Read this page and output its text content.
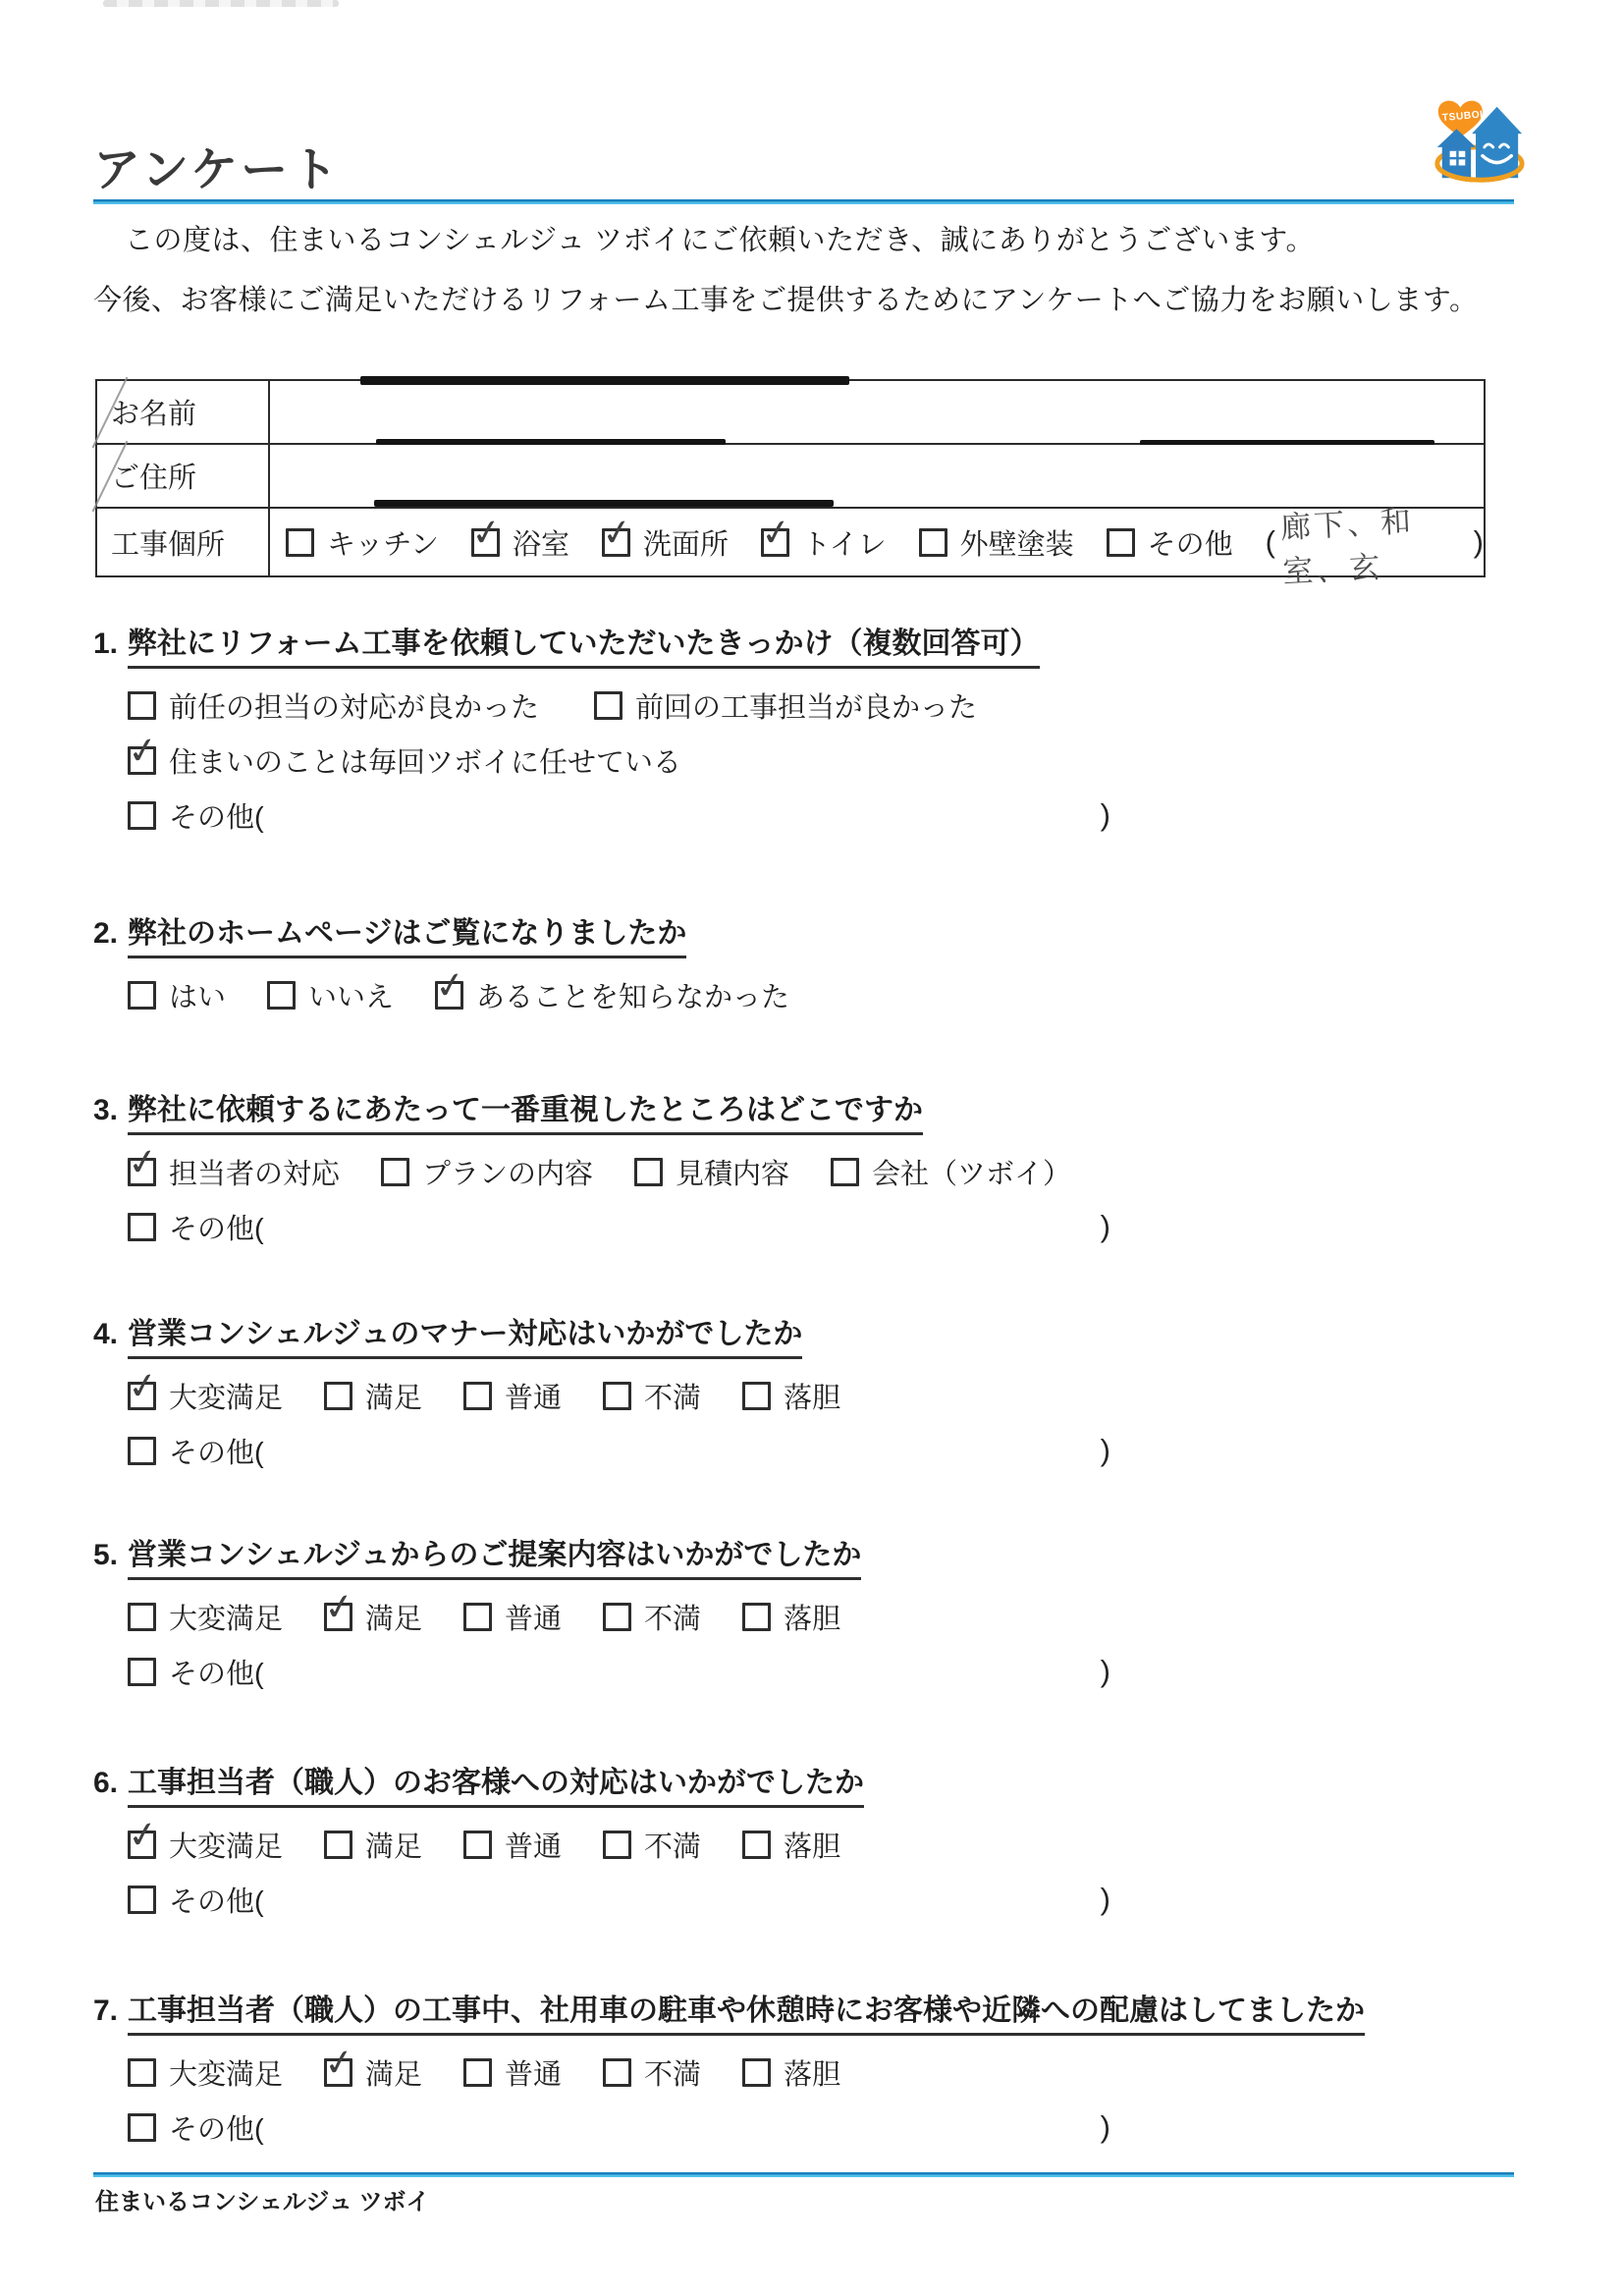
アンケート
TSUBOI

この度は、住まいるコンシェルジュ ツボイにご依頼いただき、誠にありがとうございます。

今後、お客様にご満足いただけるリフォーム工事をご提供するためにアンケートへご協力をお願いします。

お名前
ご住所
工事個所	キッチン ✓ 浴室 ✓ 洗面所 ✓ トイレ	外壁塗装	その他 ( 廊下、和室、玄
)
1. 弊社にリフォーム工事を依頼していただいたきっかけ（複数回答可）
前任の担当の対応が良かった	前回の工事担当が良かった
✓ 住まいのことは毎回ツボイに任せている
その他(	)
2. 弊社のホームページはご覧になりましたか
はい	いいえ ✓ あることを知らなかった
3. 弊社に依頼するにあたって一番重視したところはどこですか
✓ 担当者の対応	プランの内容	見積内容	会社（ツボイ）
その他(	)
4. 営業コンシェルジュのマナー対応はいかがでしたか
✓ 大変満足	満足	普通	不満	落胆
その他(	)
5. 営業コンシェルジュからのご提案内容はいかがでしたか
大変満足 ✓ 満足	普通	不満	落胆
その他(	)
6. 工事担当者（職人）のお客様への対応はいかがでしたか
✓ 大変満足	満足	普通	不満	落胆
その他(	)
7. 工事担当者（職人）の工事中、社用車の駐車や休憩時にお客様や近隣への配慮はしてましたか
大変満足 ✓ 満足	普通	不満	落胆
その他(	)

住まいるコンシェルジュ ツボイ
